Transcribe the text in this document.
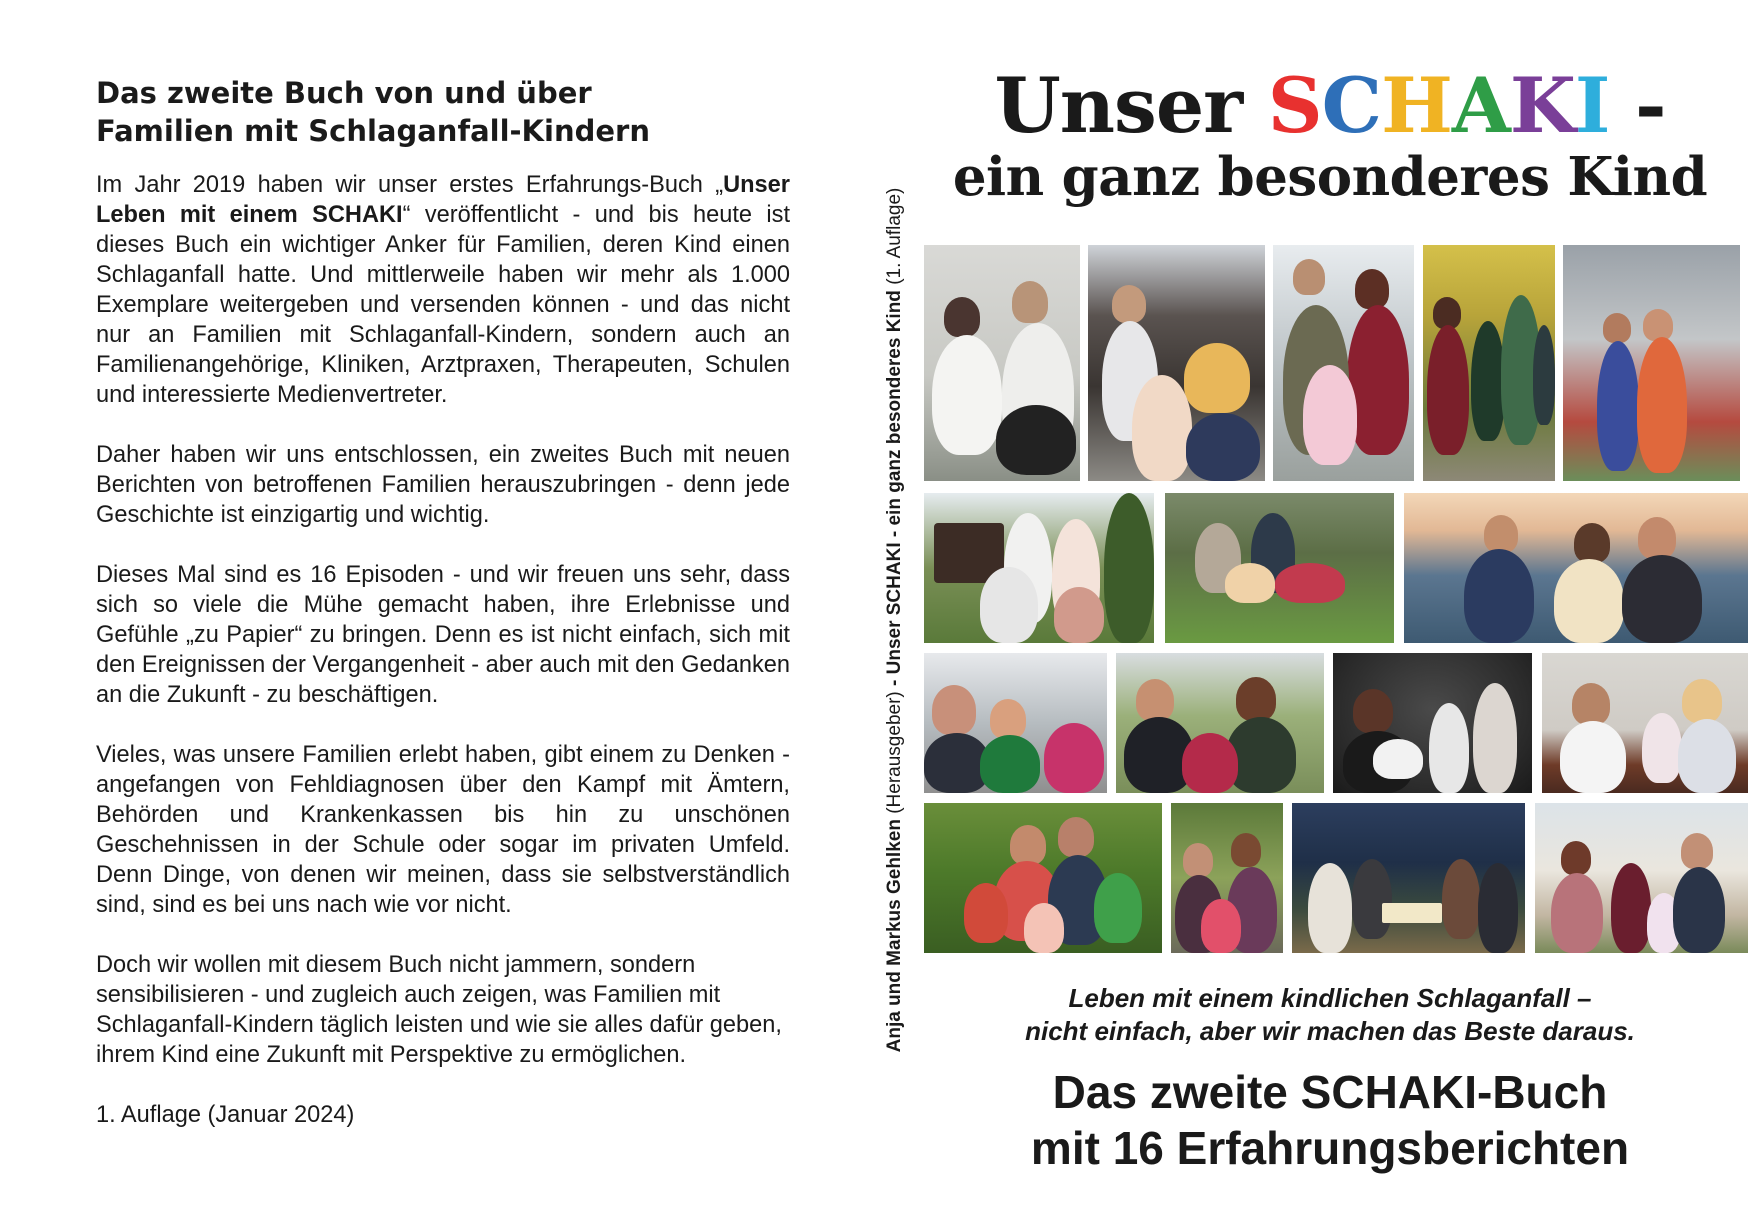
Das zweite Buch von und über
Familien mit Schlaganfall-Kindern

Im Jahr 2019 haben wir unser erstes Erfahrungs-Buch „Unser Leben mit einem SCHAKI“ veröffentlicht - und bis heute ist dieses Buch ein wichtiger Anker für Familien, deren Kind einen Schlaganfall hatte. Und mittlerweile haben wir mehr als 1.000 Exemplare weitergeben und versenden können - und das nicht nur an Familien mit Schlaganfall-Kindern, sondern auch an Familienangehörige, Kliniken, Arztpraxen, Therapeuten, Schulen und interessierte Medienvertreter.

Daher haben wir uns entschlossen, ein zweites Buch mit neuen Berichten von betroffenen Familien herauszubringen - denn jede Geschichte ist einzigartig und wichtig.

Dieses Mal sind es 16 Episoden - und wir freuen uns sehr, dass sich so viele die Mühe gemacht haben, ihre Erlebnisse und Gefühle „zu Papier“ zu bringen. Denn es ist nicht einfach, sich mit den Ereignissen der Vergangenheit - aber auch mit den Gedanken an die Zukunft - zu beschäftigen.

Vieles, was unsere Familien erlebt haben, gibt einem zu Denken - angefangen von Fehldiagnosen über den Kampf mit Ämtern, Behörden und Krankenkassen bis hin zu unschönen Geschehnissen in der Schule oder sogar im privaten Umfeld. Denn Dinge, von denen wir meinen, dass sie selbstverständlich sind, sind es bei uns nach wie vor nicht.

Doch wir wollen mit diesem Buch nicht jammern, sondern sensibilisieren - und zugleich auch zeigen, was Familien mit Schlaganfall-Kindern täglich leisten und wie sie alles dafür geben, ihrem Kind eine Zukunft mit Perspektive zu ermöglichen.

1. Auflage (Januar 2024)
Anja und Markus Gehlken (Herausgeber) - Unser SCHAKI - ein ganz besonderes Kind (1. Auflage)
Unser SCHAKI -
ein ganz besonderes Kind
Leben mit einem kindlichen Schlaganfall –
nicht einfach, aber wir machen das Beste daraus.
Das zweite SCHAKI-Buch
mit 16 Erfahrungsberichten
